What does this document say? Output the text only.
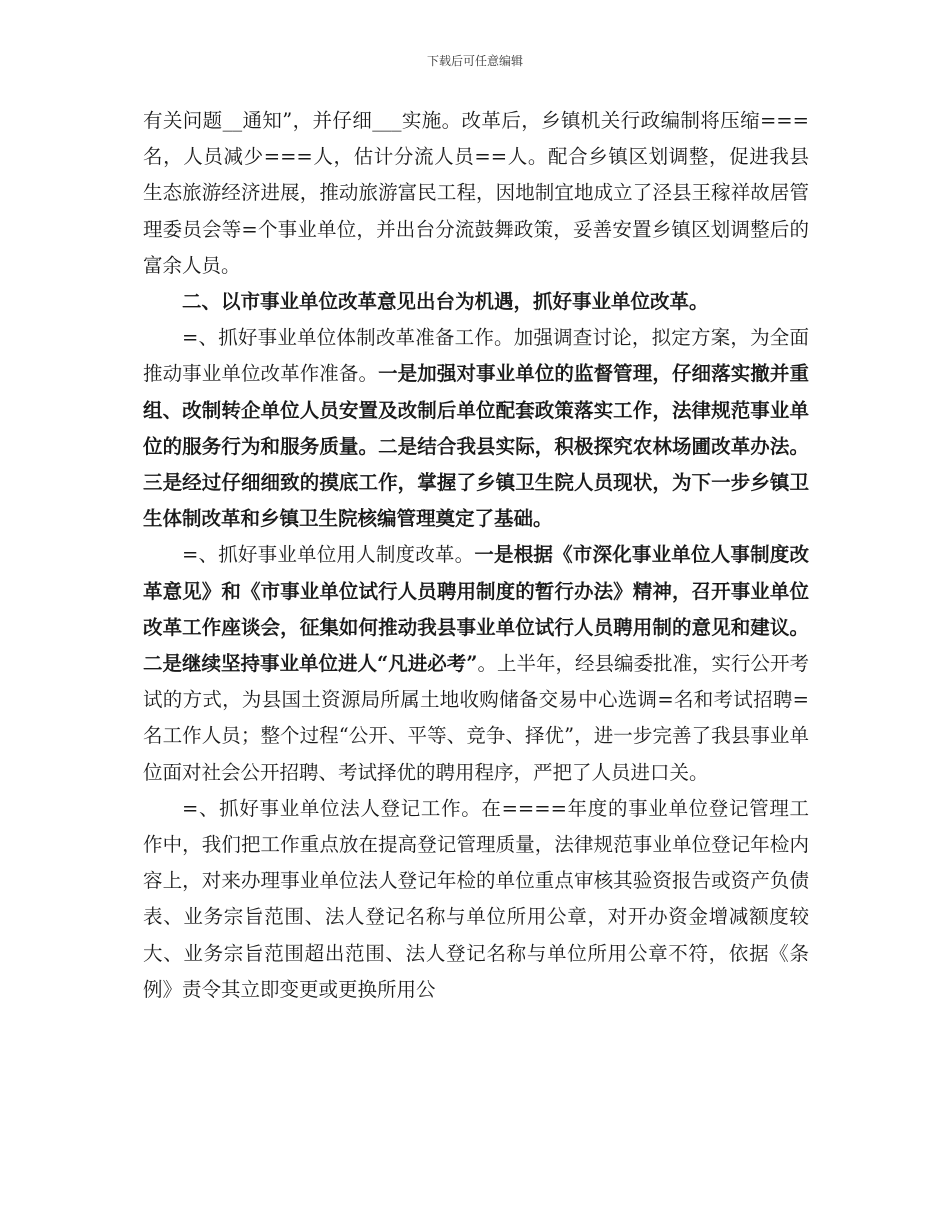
下载后可任意编辑

有关问题__通知”，并仔细___实施。改革后，乡镇机关行政编制将压缩===名，人员减少===人，估计分流人员==人。配合乡镇区划调整，促进我县生态旅游经济进展，推动旅游富民工程，因地制宜地成立了泾县王稼祥故居管理委员会等=个事业单位，并出台分流鼓舞政策，妥善安置乡镇区划调整后的富余人员。

二、以市事业单位改革意见出台为机遇，抓好事业单位改革。

=、抓好事业单位体制改革准备工作。加强调查讨论，拟定方案，为全面推动事业单位改革作准备。一是加强对事业单位的监督管理，仔细落实撤并重组、改制转企单位人员安置及改制后单位配套政策落实工作，法律规范事业单位的服务行为和服务质量。二是结合我县实际，积极探究农林场圃改革办法。三是经过仔细细致的摸底工作，掌握了乡镇卫生院人员现状，为下一步乡镇卫生体制改革和乡镇卫生院核编管理奠定了基础。

=、抓好事业单位用人制度改革。一是根据《市深化事业单位人事制度改革意见》和《市事业单位试行人员聘用制度的暂行办法》精神，召开事业单位改革工作座谈会，征集如何推动我县事业单位试行人员聘用制的意见和建议。二是继续坚持事业单位进人“凡进必考”。上半年，经县编委批准，实行公开考试的方式，为县国土资源局所属土地收购储备交易中心选调=名和考试招聘=名工作人员；整个过程“公开、平等、竞争、择优”，进一步完善了我县事业单位面对社会公开招聘、考试择优的聘用程序，严把了人员进口关。

=、抓好事业单位法人登记工作。在====年度的事业单位登记管理工作中，我们把工作重点放在提高登记管理质量，法律规范事业单位登记年检内容上，对来办理事业单位法人登记年检的单位重点审核其验资报告或资产负债表、业务宗旨范围、法人登记名称与单位所用公章，对开办资金增减额度较大、业务宗旨范围超出范围、法人登记名称与单位所用公章不符，依据《条例》责令其立即变更或更换所用公
